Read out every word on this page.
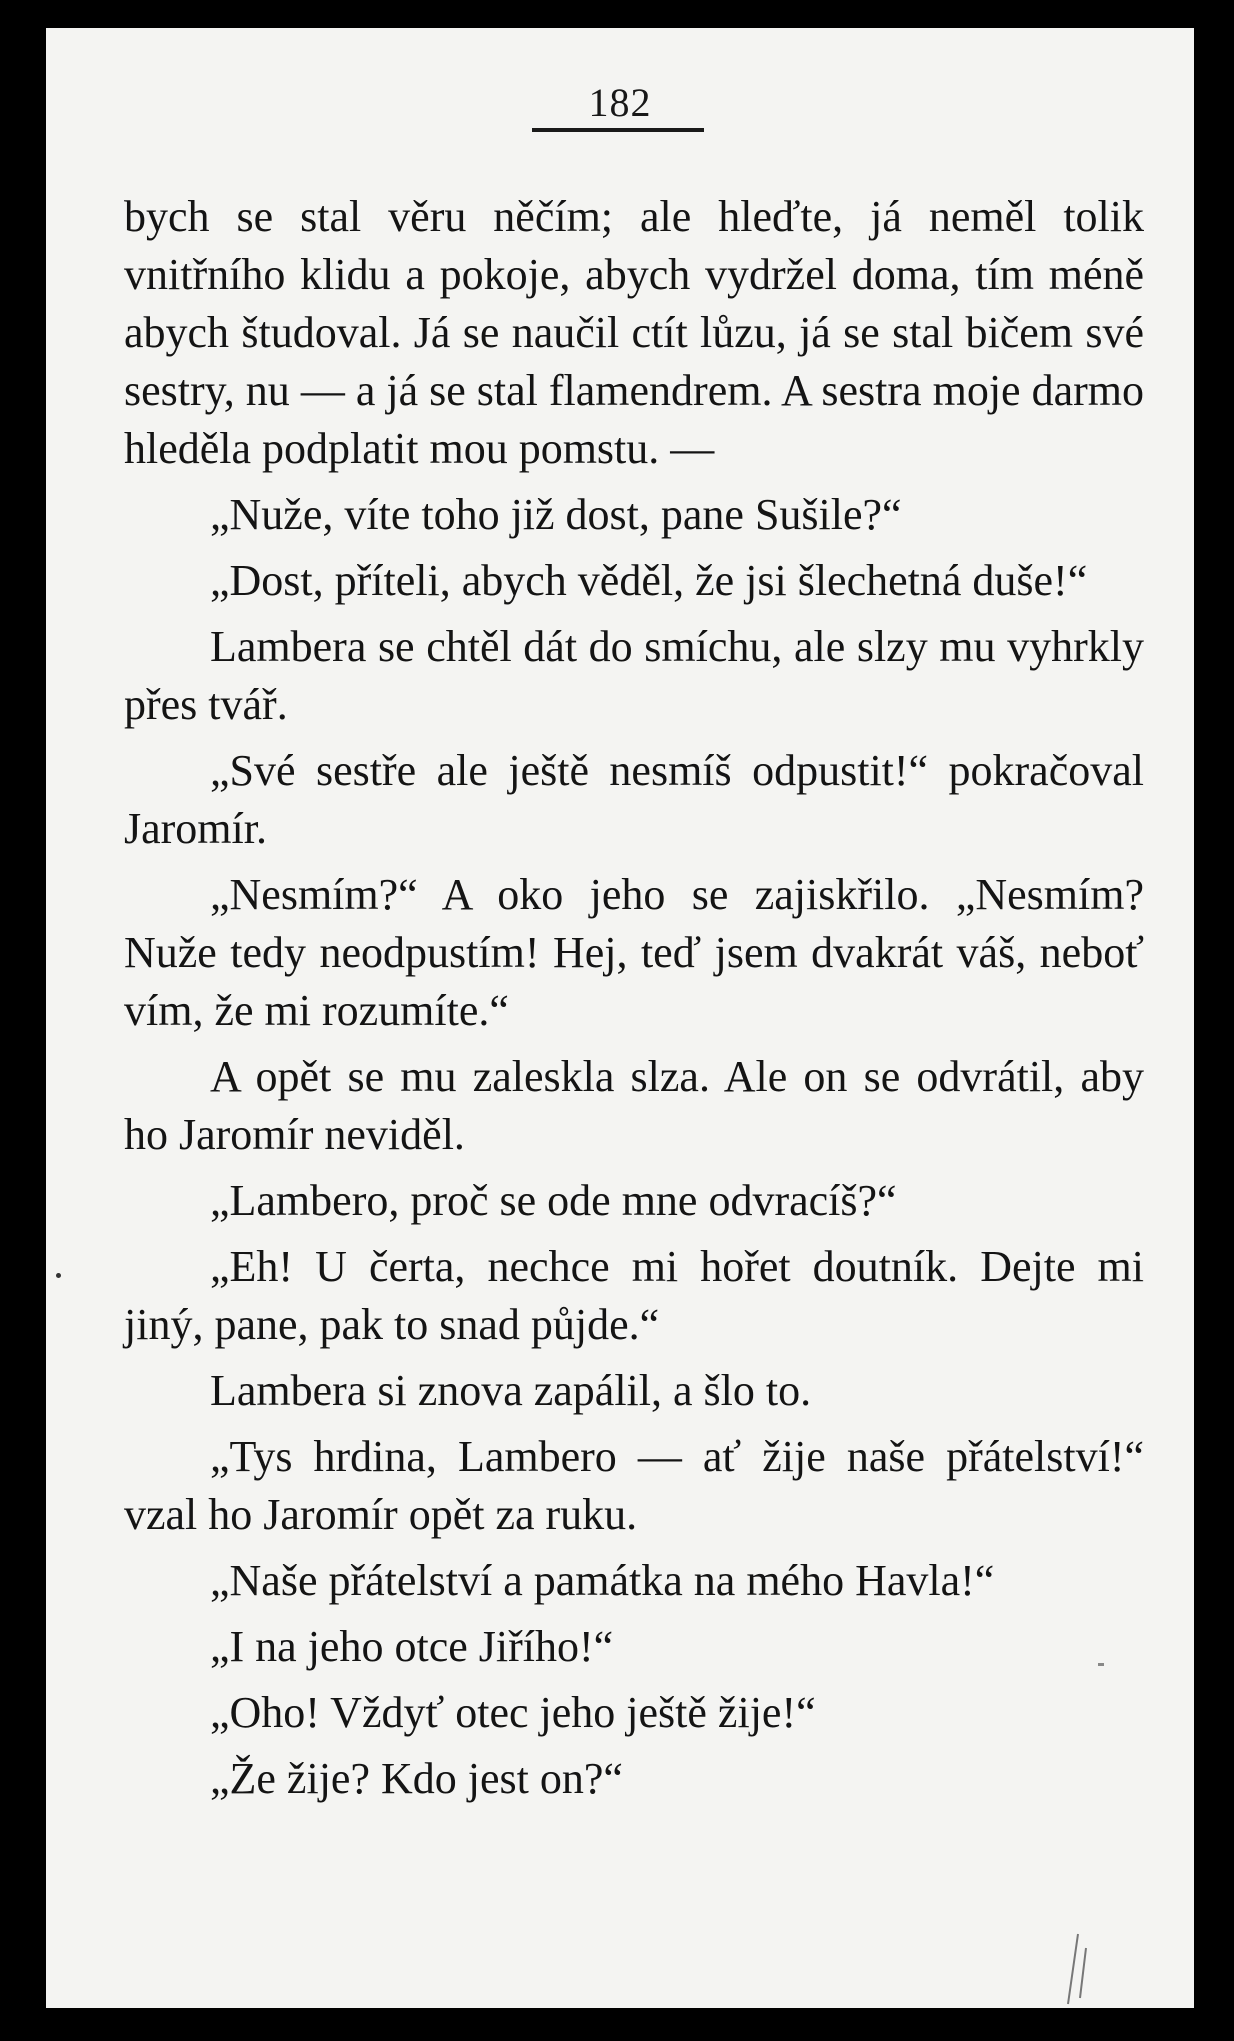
182

bych se stal věru něčím; ale hleďte, já neměl tolik vnitřního klidu a pokoje, abych vydržel doma, tím méně abych študoval. Já se naučil ctít lůzu, já se stal bičem své sestry, nu — a já se stal flamendrem. A sestra moje darmo hleděla podplatit mou pomstu. —

„Nuže, víte toho již dost, pane Sušile?“

„Dost, příteli, abych věděl, že jsi šlechetná duše!“

Lambera se chtěl dát do smíchu, ale slzy mu vyhrkly přes tvář.

„Své sestře ale ještě nesmíš odpustit!“ pokračoval Jaromír.

„Nesmím?“ A oko jeho se zajiskřilo. „Nesmím? Nuže tedy neodpustím! Hej, teď jsem dvakrát váš, neboť vím, že mi rozumíte.“

A opět se mu zaleskla slza. Ale on se odvrátil, aby ho Jaromír neviděl.

„Lambero, proč se ode mne odvracíš?“

„Eh! U čerta, nechce mi hořet doutník. Dejte mi jiný, pane, pak to snad půjde.“

Lambera si znova zapálil, a šlo to.

„Tys hrdina, Lambero — ať žije naše přátelství!“ vzal ho Jaromír opět za ruku.

„Naše přátelství a památka na mého Havla!“

„I na jeho otce Jiřího!“

„Oho! Vždyť otec jeho ještě žije!“

„Že žije? Kdo jest on?“
